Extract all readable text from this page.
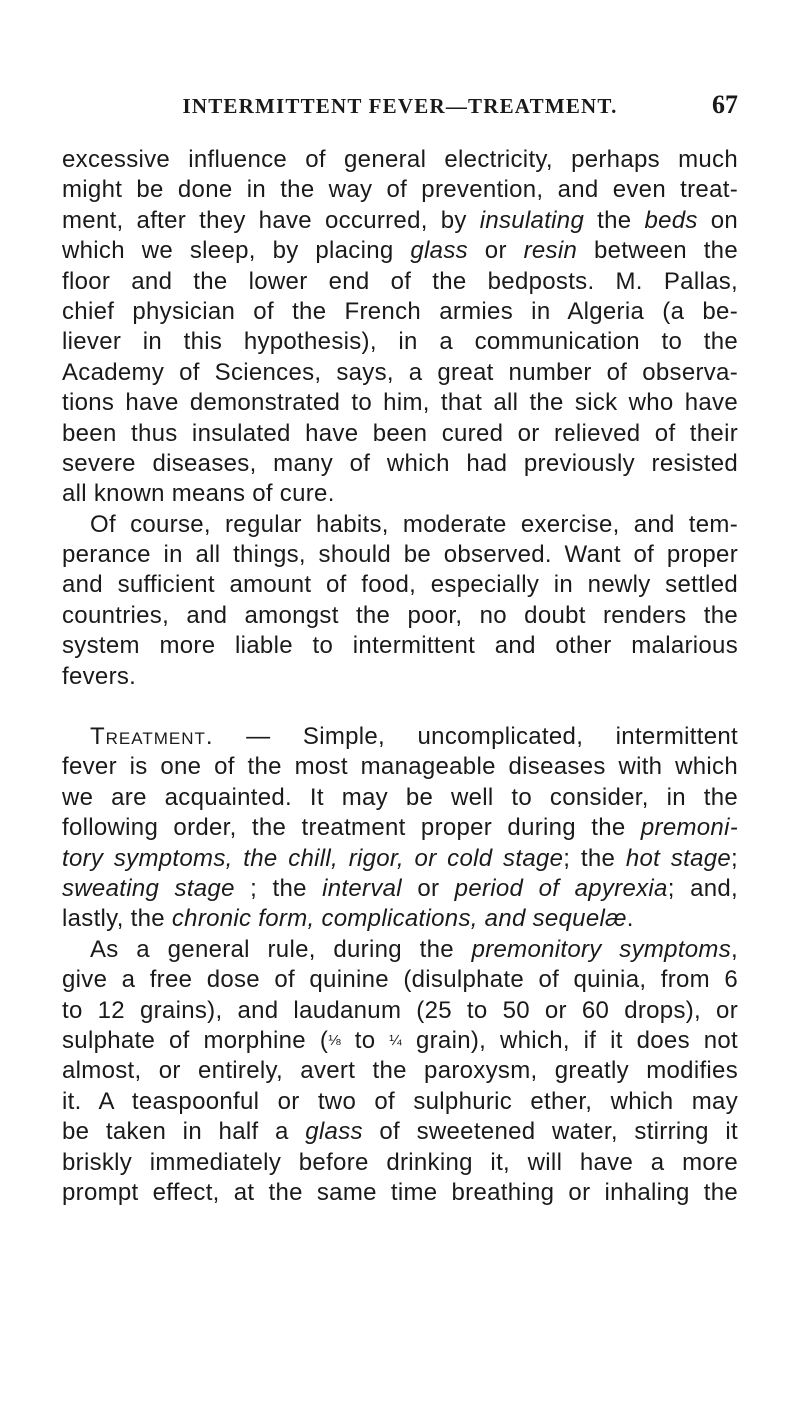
INTERMITTENT FEVER—TREATMENT.	67
excessive influence of general electricity, perhaps much
might be done in the way of prevention, and even treat-
ment, after they have occurred, by insulating the beds on
which we sleep, by placing glass or resin between the
floor and the lower end of the bedposts. M. Pallas,
chief physician of the French armies in Algeria (a be-
liever in this hypothesis), in a communication to the
Academy of Sciences, says, a great number of observa-
tions have demonstrated to him, that all the sick who have
been thus insulated have been cured or relieved of their
severe diseases, many of which had previously resisted
all known means of cure.
Of course, regular habits, moderate exercise, and tem-
perance in all things, should be observed. Want of proper
and sufficient amount of food, especially in newly settled
countries, and amongst the poor, no doubt renders the
system more liable to intermittent and other malarious
fevers.
Treatment. — Simple, uncomplicated, intermittent
fever is one of the most manageable diseases with which
we are acquainted. It may be well to consider, in the
following order, the treatment proper during the premoni-
tory symptoms, the chill, rigor, or cold stage; the hot stage;
sweating stage ; the interval or period of apyrexia; and,
lastly, the chronic form, complications, and sequelæ.
As a general rule, during the premonitory symptoms,
give a free dose of quinine (disulphate of quinia, from 6
to 12 grains), and laudanum (25 to 50 or 60 drops), or
sulphate of morphine (⅛ to ¼ grain), which, if it does not
almost, or entirely, avert the paroxysm, greatly modifies
it. A teaspoonful or two of sulphuric ether, which may
be taken in half a glass of sweetened water, stirring it
briskly immediately before drinking it, will have a more
prompt effect, at the same time breathing or inhaling the
